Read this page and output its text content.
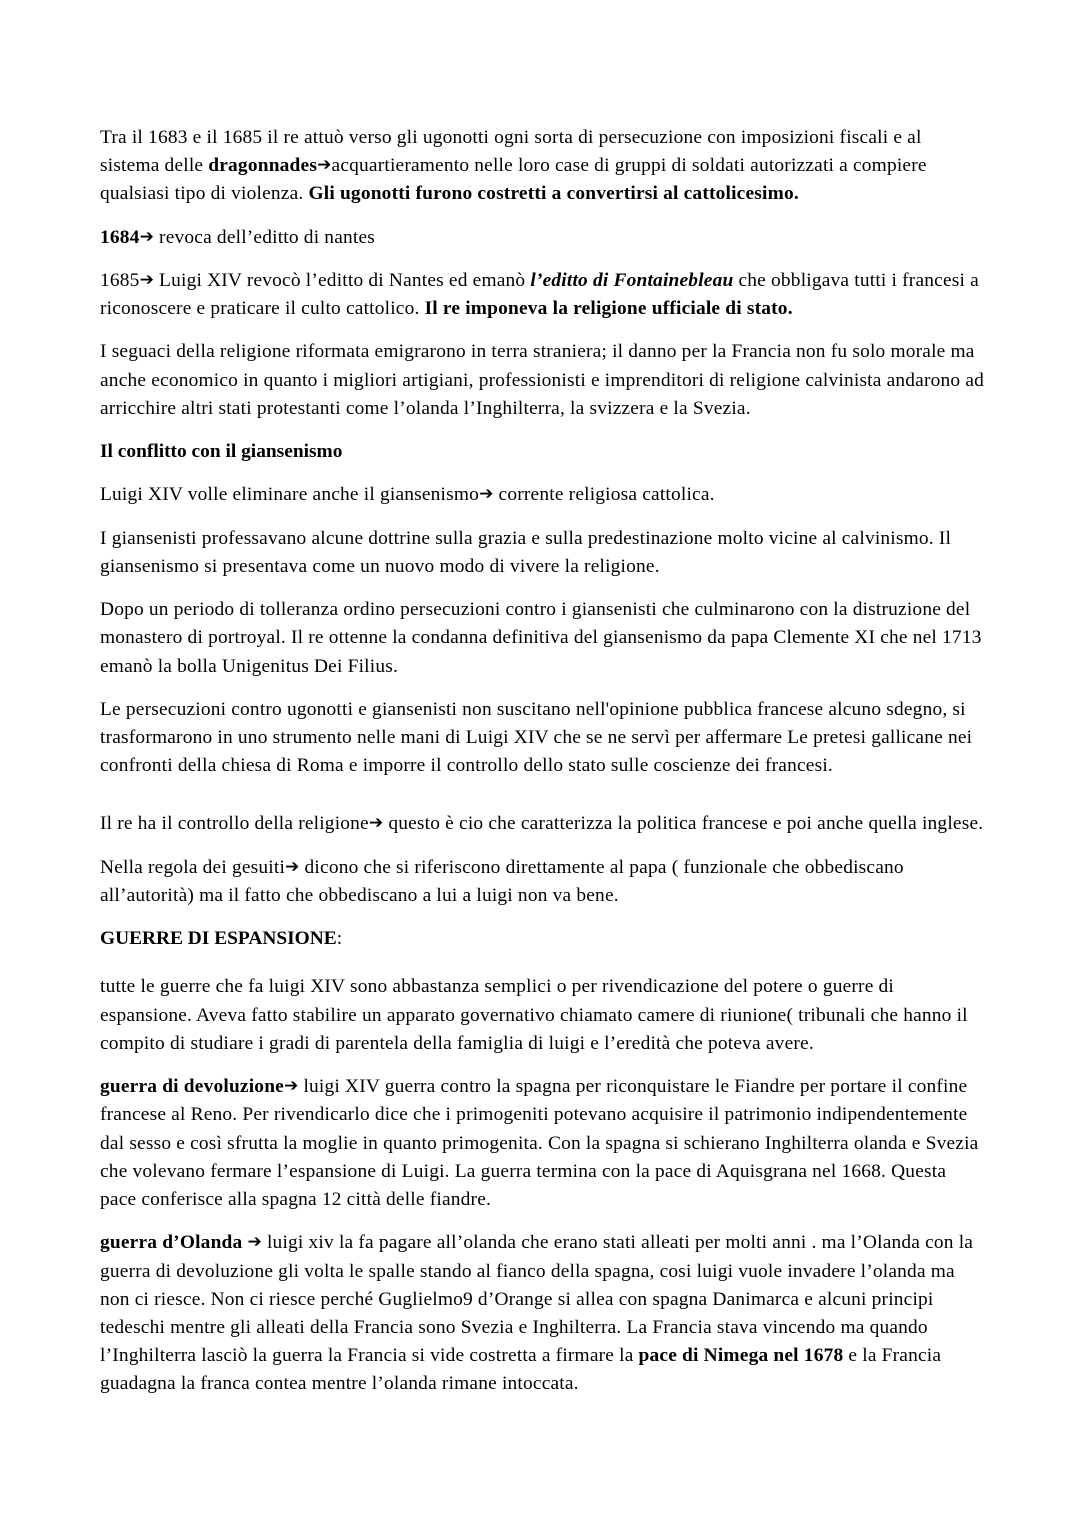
Tra il 1683 e il 1685 il re attuò verso gli ugonotti ogni sorta di persecuzione con imposizioni fiscali e al sistema delle dragonnades➔acquartieramento nelle loro case di gruppi di soldati autorizzati a compiere qualsiasi tipo di violenza. Gli ugonotti furono costretti a convertirsi al cattolicesimo.

1684➔ revoca dell’editto di nantes

1685➔ Luigi XIV revocò l’editto di Nantes ed emanò l’editto di Fontainebleau che obbligava tutti i francesi a riconoscere e praticare il culto cattolico. Il re imponeva la religione ufficiale di stato.

I seguaci della religione riformata emigrarono in terra straniera; il danno per la Francia non fu solo morale ma anche economico in quanto i migliori artigiani, professionisti e imprenditori di religione calvinista andarono ad arricchire altri stati protestanti come l’olanda l’Inghilterra, la svizzera e la Svezia.

Il conflitto con il giansenismo

Luigi XIV volle eliminare anche il giansenismo➔ corrente religiosa cattolica.

I giansenisti professavano alcune dottrine sulla grazia e sulla predestinazione molto vicine al calvinismo. Il giansenismo si presentava come un nuovo modo di vivere la religione.

Dopo un periodo di tolleranza ordino persecuzioni contro i giansenisti che culminarono con la distruzione del monastero di portroyal. Il re ottenne la condanna definitiva del giansenismo da papa Clemente XI che nel 1713 emanò la bolla Unigenitus Dei Filius.

Le persecuzioni contro ugonotti e giansenisti non suscitano nell'opinione pubblica francese alcuno sdegno, si trasformarono in uno strumento nelle mani di Luigi XIV che se ne servì per affermare Le pretesi gallicane nei confronti della chiesa di Roma e imporre il controllo dello stato sulle coscienze dei francesi.

Il re ha il controllo della religione➔ questo è cio che caratterizza la politica francese e poi anche quella inglese.

Nella regola dei gesuiti➔ dicono che si riferiscono direttamente al papa ( funzionale che obbediscano all’autorità) ma il fatto che obbediscano a lui a luigi non va bene.

GUERRE DI ESPANSIONE:

tutte le guerre che fa luigi XIV sono abbastanza semplici o per rivendicazione del potere o guerre di espansione. Aveva fatto stabilire un apparato governativo chiamato camere di riunione( tribunali che hanno il compito di studiare i gradi di parentela della famiglia di luigi e l’eredità che poteva avere.

guerra di devoluzione➔ luigi XIV guerra contro la spagna per riconquistare le Fiandre per portare il confine francese al Reno. Per rivendicarlo dice che i primogeniti potevano acquisire il patrimonio indipendentemente dal sesso e così sfrutta la moglie in quanto primogenita. Con la spagna si schierano Inghilterra olanda e Svezia che volevano fermare l’espansione di Luigi. La guerra termina con la pace di Aquisgrana nel 1668. Questa pace conferisce alla spagna 12 città delle fiandre.

guerra d’Olanda ➔ luigi xiv la fa pagare all’olanda che erano stati alleati per molti anni . ma l’Olanda con la guerra di devoluzione gli volta le spalle stando al fianco della spagna, cosi luigi vuole invadere l’olanda ma non ci riesce. Non ci riesce perché Guglielmo9 d’Orange si allea con spagna Danimarca e alcuni principi tedeschi mentre gli alleati della Francia sono Svezia e Inghilterra. La Francia stava vincendo ma quando l’Inghilterra lasciò la guerra la Francia si vide costretta a firmare la pace di Nimega nel 1678 e la Francia guadagna la franca contea mentre l’olanda rimane intoccata.
